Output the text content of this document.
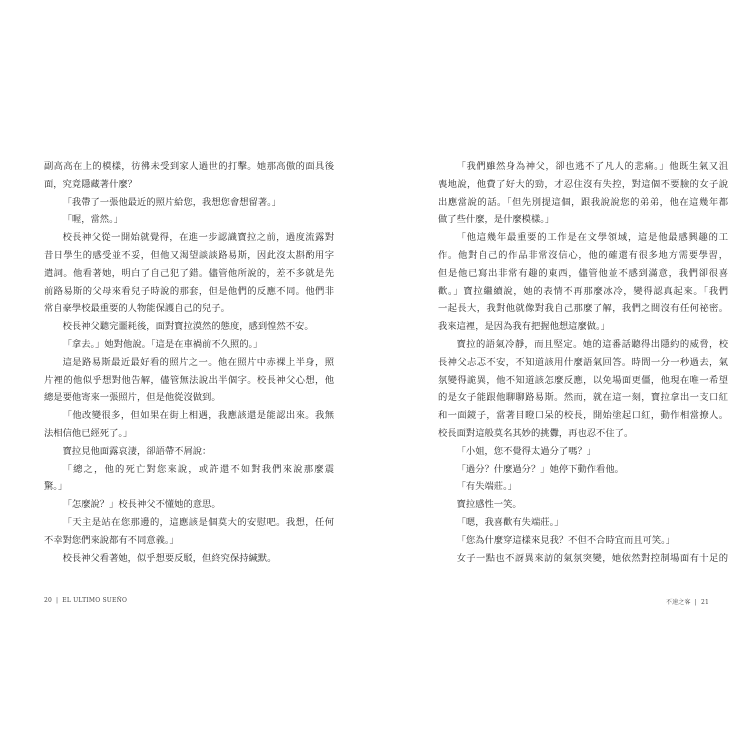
副高高在上的模樣，彷彿未受到家人過世的打擊。她那高傲的面具後
面，究竟隱藏著什麼？
「我帶了一張他最近的照片給您，我想您會想留著。」
「喔，當然。」
校長神父從一開始就覺得，在進一步認識寶拉之前，過度流露對
昔日學生的感受並不妥，但他又渴望談談路易斯，因此沒太斟酌用字
遣詞。他看著她，明白了自己犯了錯。儘管他所說的，差不多就是先
前路易斯的父母來看兒子時說的那套，但是他們的反應不同。他們非
常自豪學校最重要的人物能保護自己的兒子。
校長神父聽完噩耗後，面對寶拉漠然的態度，感到惶然不安。
「拿去。」她對他說。「這是在車禍前不久照的。」
這是路易斯最近最好看的照片之一。他在照片中赤裸上半身，照
片裡的他似乎想對他告解，儘管無法說出半個字。校長神父心想，他
總是要他寄來一張照片，但是他從沒做到。
「他改變很多，但如果在街上相遇，我應該還是能認出來。我無
法相信他已經死了。」
寶拉見他面露哀淒，卻語帶不屑說：
「總之，他的死亡對您來說，或許還不如對我們來說那麼震
驚。」
「怎麼說？」校長神父不懂她的意思。
「天主是站在您那邊的，這應該是個莫大的安慰吧。我想，任何
不幸對您們來說都有不同意義。」
校長神父看著她，似乎想要反駁，但終究保持緘默。
20 | EL ULTIMO SUEÑO
「我們雖然身為神父，卻也逃不了凡人的悲痛。」他既生氣又沮
喪地說，他費了好大的勁，才忍住沒有失控，對這個不要臉的女子說
出應當說的話。「但先別提這個，跟我說說您的弟弟，他在這幾年都
做了些什麼，是什麼模樣。」
「他這幾年最重要的工作是在文學領域，這是他最感興趣的工
作。他對自己的作品非常沒信心，他的確還有很多地方需要學習，
但是他已寫出非常有趣的東西，儘管他並不感到滿意，我們卻很喜
歡。」寶拉繼續說，她的表情不再那麼冰冷，變得認真起來。「我們
一起長大，我對他就像對我自己那麼了解，我們之間沒有任何祕密。
我來這裡，是因為我有把握他想這麼做。」
寶拉的語氣冷靜，而且堅定。她的這番話聽得出隱約的威脅，校
長神父忐忑不安，不知道該用什麼語氣回答。時間一分一秒過去，氣
氛變得詭異，他不知道該怎麼反應，以免場面更僵，他現在唯一希望
的是女子能跟他聊聊路易斯。然而，就在這一刻，寶拉拿出一支口紅
和一面鏡子，當著目瞪口呆的校長，開始塗起口紅，動作相當撩人。
校長面對這般莫名其妙的挑釁，再也忍不住了。
「小姐，您不覺得太過分了嗎？」
「過分？什麼過分？」她停下動作看他。
「有失端莊。」
寶拉感性一笑。
「嗯，我喜歡有失端莊。」
「您為什麼穿這樣來見我？不但不合時宜而且可笑。」
女子一點也不訝異來訪的氣氛突變，她依然對控制場面有十足的
不速之客 | 21
